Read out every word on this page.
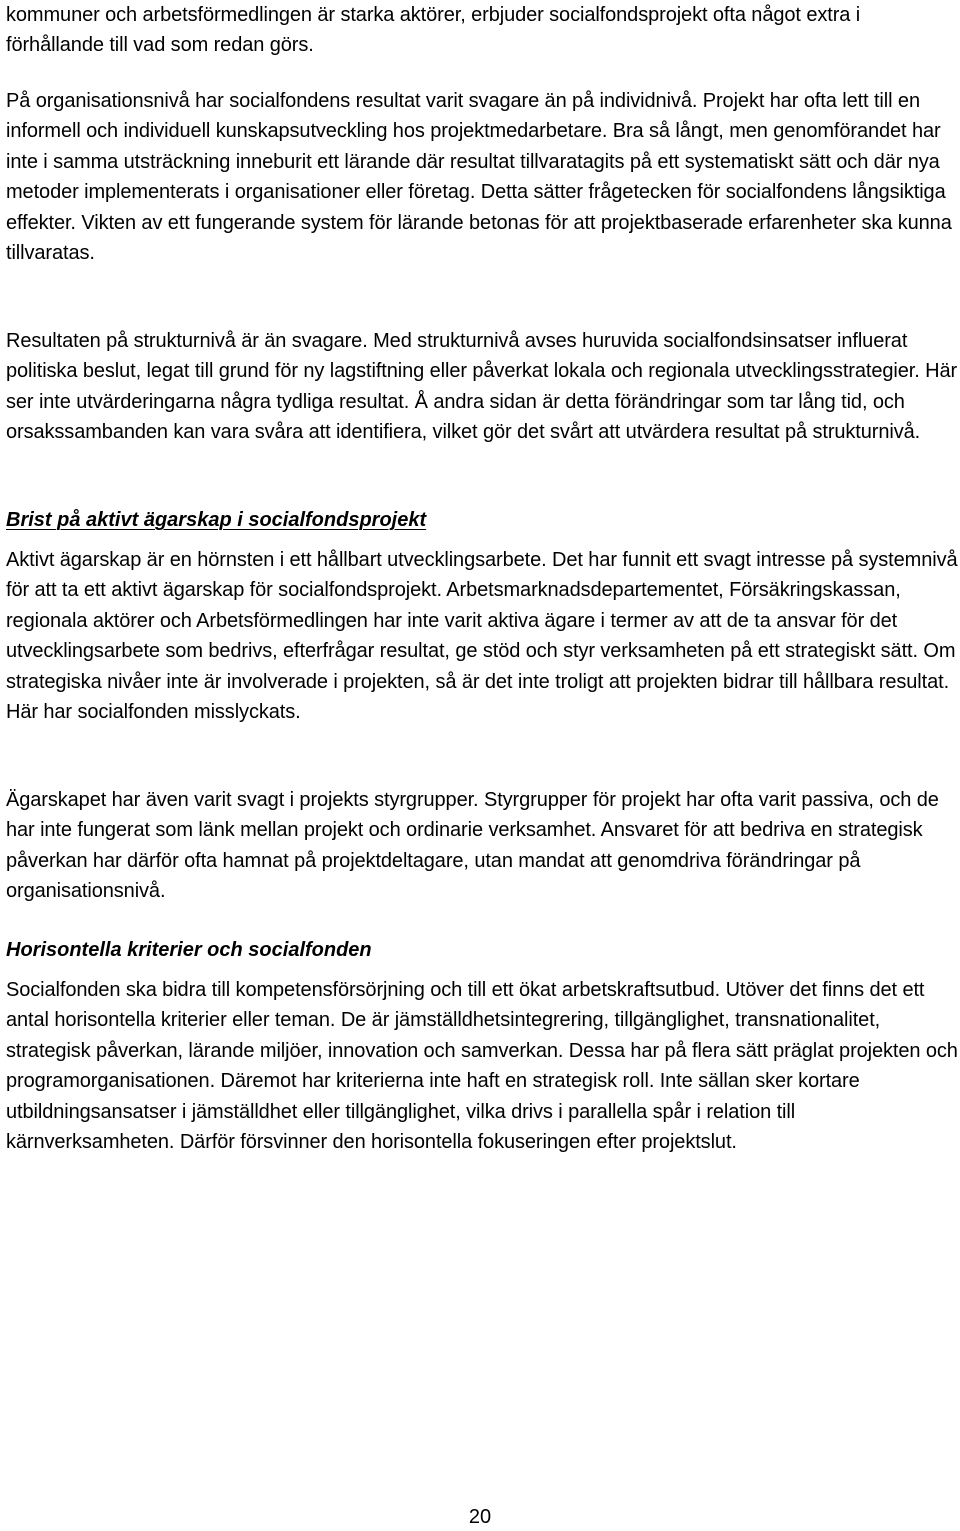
kommuner och arbetsförmedlingen är starka aktörer, erbjuder socialfondsprojekt ofta något extra i förhållande till vad som redan görs.

På organisationsnivå har socialfondens resultat varit svagare än på individnivå. Projekt har ofta lett till en informell och individuell kunskapsutveckling hos projektmedarbetare. Bra så långt, men genomförandet har inte i samma utsträckning inneburit ett lärande där resultat tillvaratagits på ett systematiskt sätt och där nya metoder implementerats i organisationer eller företag. Detta sätter frågetecken för socialfondens långsiktiga effekter. Vikten av ett fungerande system för lärande betonas för att projektbaserade erfarenheter ska kunna tillvaratas.

Resultaten på strukturnivå är än svagare. Med strukturnivå avses huruvida socialfondsinsatser influerat politiska beslut, legat till grund för ny lagstiftning eller påverkat lokala och regionala utvecklingsstrategier. Här ser inte utvärderingarna några tydliga resultat. Å andra sidan är detta förändringar som tar lång tid, och orsakssambanden kan vara svåra att identifiera, vilket gör det svårt att utvärdera resultat på strukturnivå.

Brist på aktivt ägarskap i socialfondsprojekt

Aktivt ägarskap är en hörnsten i ett hållbart utvecklingsarbete. Det har funnit ett svagt intresse på systemnivå för att ta ett aktivt ägarskap för socialfondsprojekt. Arbetsmarknadsdepartementet, Försäkringskassan, regionala aktörer och Arbetsförmedlingen har inte varit aktiva ägare i termer av att de ta ansvar för det utvecklingsarbete som bedrivs, efterfrågar resultat, ge stöd och styr verksamheten på ett strategiskt sätt. Om strategiska nivåer inte är involverade i projekten, så är det inte troligt att projekten bidrar till hållbara resultat. Här har socialfonden misslyckats.

Ägarskapet har även varit svagt i projekts styrgrupper. Styrgrupper för projekt har ofta varit passiva, och de har inte fungerat som länk mellan projekt och ordinarie verksamhet. Ansvaret för att bedriva en strategisk påverkan har därför ofta hamnat på projektdeltagare, utan mandat att genomdriva förändringar på organisationsnivå.

Horisontella kriterier och socialfonden

Socialfonden ska bidra till kompetensförsörjning och till ett ökat arbetskraftsutbud. Utöver det finns det ett antal horisontella kriterier eller teman. De är jämställdhetsintegrering, tillgänglighet, transnationalitet, strategisk påverkan, lärande miljöer, innovation och samverkan. Dessa har på flera sätt präglat projekten och programorganisationen. Däremot har kriterierna inte haft en strategisk roll. Inte sällan sker kortare utbildningsansatser i jämställdhet eller tillgänglighet, vilka drivs i parallella spår i relation till kärnverksamheten. Därför försvinner den horisontella fokuseringen efter projektslut.

20
